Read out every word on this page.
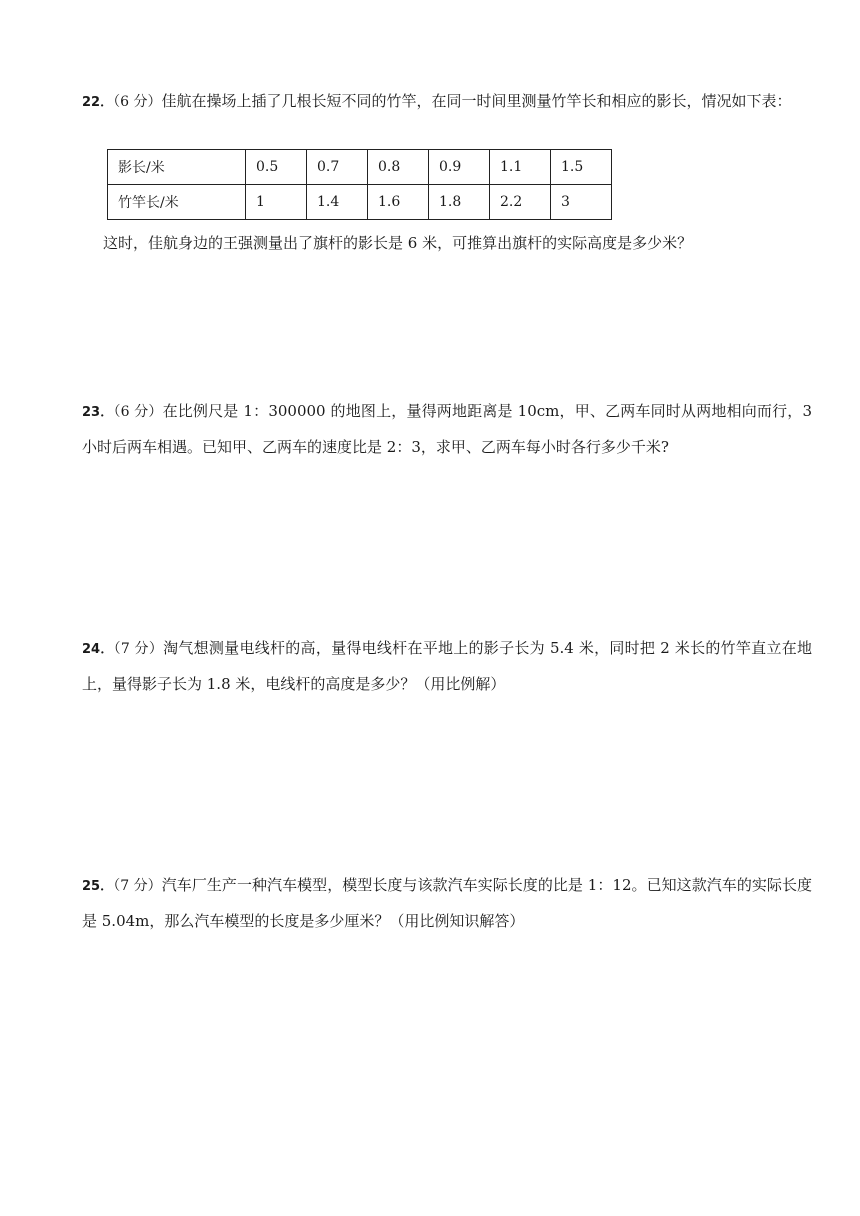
22．（6 分）佳航在操场上插了几根长短不同的竹竿，在同一时间里测量竹竿长和相应的影长，情况如下表：
影长/米	0.5	0.7	0.8	0.9	1.1	1.5
竹竿长/米	1	1.4	1.6	1.8	2.2	3
这时，佳航身边的王强测量出了旗杆的影长是 6 米，可推算出旗杆的实际高度是多少米？
23．（6 分）在比例尺是 1：300000 的地图上，量得两地距离是 10cm，甲、乙两车同时从两地相向而行，3 小时后两车相遇。已知甲、乙两车的速度比是 2：3，求甲、乙两车每小时各行多少千米?
24．（7 分）淘气想测量电线杆的高，量得电线杆在平地上的影子长为 5.4 米，同时把 2 米长的竹竿直立在地上，量得影子长为 1.8 米，电线杆的高度是多少？（用比例解）
25．（7 分）汽车厂生产一种汽车模型，模型长度与该款汽车实际长度的比是 1：12。已知这款汽车的实际长度是 5.04m，那么汽车模型的长度是多少厘米？（用比例知识解答）
